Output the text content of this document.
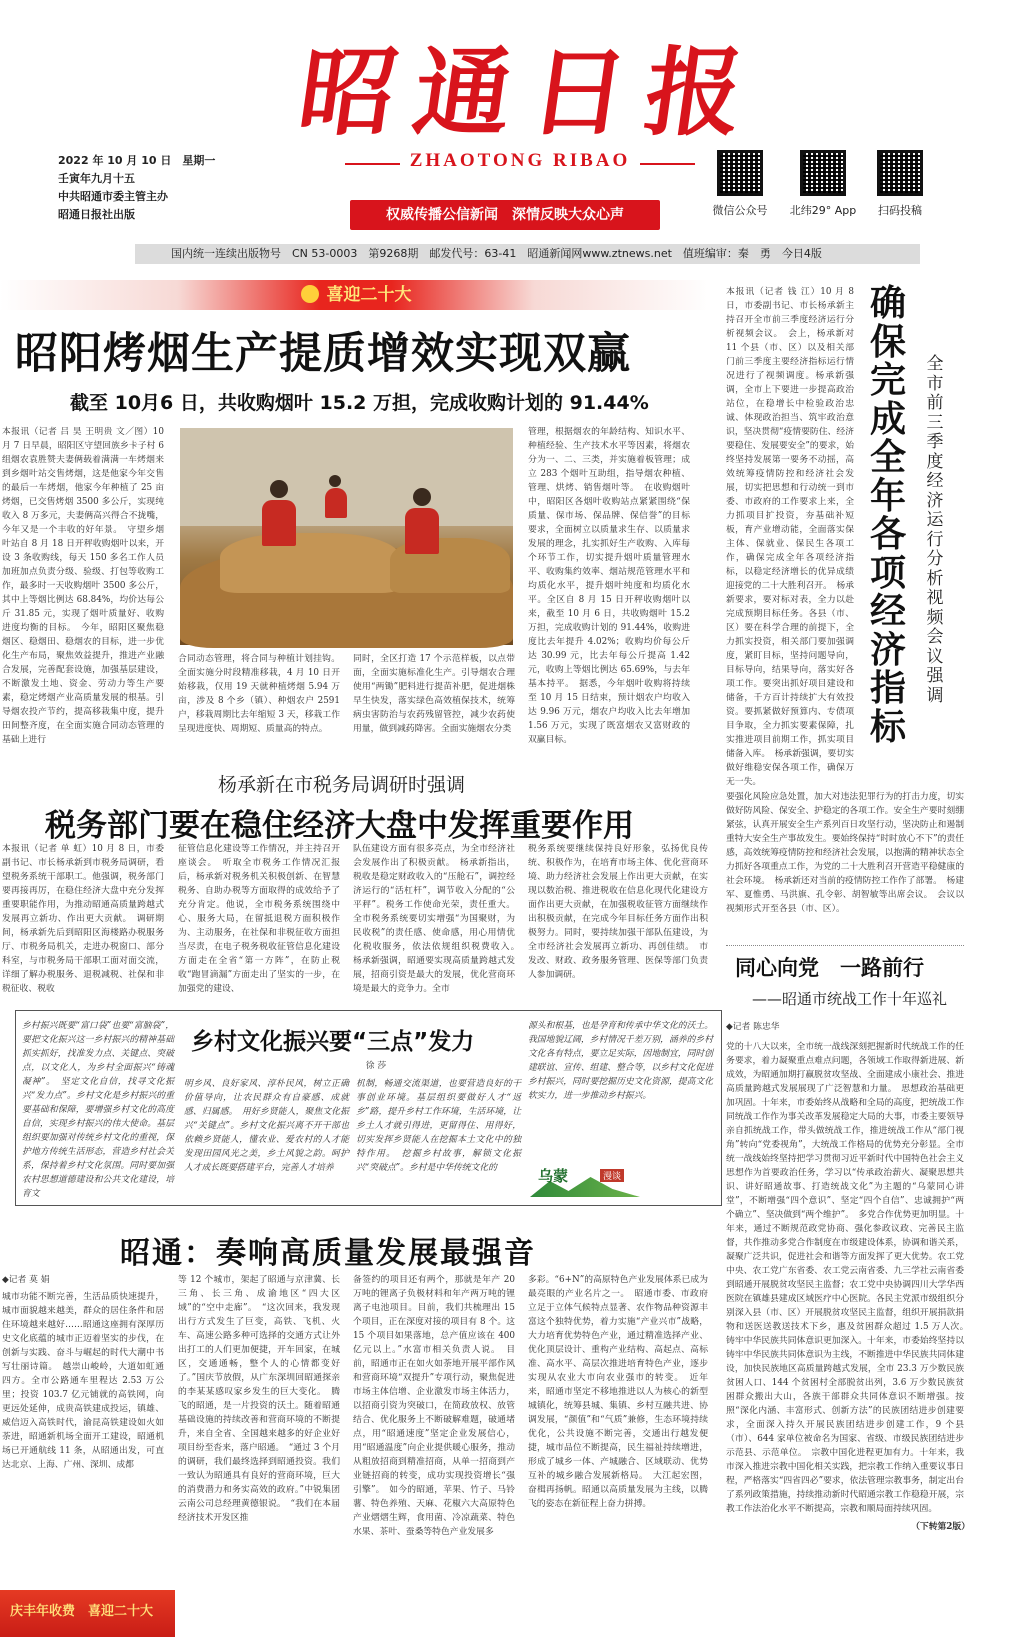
昭 通 日 报
ZHAOTONG RIBAO
权威传播公信新闻　深情反映大众心声
2022 年 10 月 10 日　星期一
壬寅年九月十五
中共昭通市委主管主办
昭通日报社出版	微信公众号 北纬29° App	扫码投稿
国内统一连续出版物号　CN 53-0003　第9268期　邮发代号：63-41　昭通新闻网www.ztnews.net　值班编审：秦　勇　今日4版
喜迎二十大
昭阳烤烟生产提质增效实现双赢
截至 10月6 日，共收购烟叶 15.2 万担，完成收购计划的 91.44%
本报讯（记者 吕 昊 王明贵 文／图）10 月 7 日早晨，昭阳区守望回族乡卡子村 6 组烟农袁胜赞夫妻俩载着满满一车烤烟来到乡烟叶站交售烤烟，这是他家今年交售的最后一车烤烟，他家今年种植了 25 亩烤烟，已交售烤烟 3500 多公斤，实现纯收入 8 万多元，夫妻俩高兴得合不拢嘴，今年又是一个丰收的好年景。　守望乡烟叶站自 8 月 18 日开秤收购烟叶以来，开设 3 条收购线，每天 150 多名工作人员加班加点负责分级、验级、打包等收购工作，最多时一天收购烟叶 3500 多公斤，其中上等烟比例达 68.84%，均价达每公斤 31.85 元，实现了烟叶质量好、收购进度均衡的目标。　今年，昭阳区聚焦稳烟区、稳烟田、稳烟农的目标，进一步优化生产布局，聚焦效益提升，推进产业融合发展，完善配套设施，加强基层建设，不断激发土地、资金、劳动力等生产要素，稳定烤烟产业高质量发展的根基。引导烟农投产节约，提高移栽集中度，提升田间整齐度，在全面实施合同动态管理的基础上进行
合同动态管理，将合同与种植计划挂钩。全面实施分时段精准移栽，4 月 10 日开始移栽，仅用 19 天就种植烤烟 5.94 万亩，涉及 8 个乡（镇）、种烟农户 2591 户，移栽周期比去年缩短 3 天，移栽工作呈现进度快、周期短、质量高的特点。
同时，全区打造 17 个示范样板，以点带面，全面实施标准化生产。引导烟农合理使用“两锄”肥料进行提苗补肥，促进烟株早生快发，落实绿色高效植保技术，统筹病虫害防治与农药残留管控，减少农药使用量，做到减药降害。全面实施烟农分类
管理，根据烟农的年龄结构、知识水平、种植经验、生产技术水平等因素，将烟农分为一、二、三类，并实施着板管理；成立 283 个烟叶互助组，指导烟农种植、管理、烘烤、销售烟叶等。　在收购烟叶中，昭阳区各烟叶收购站点紧紧围绕“保质量、保市场、保品牌、保信誉”的目标要求，全面树立以质量求生存、以质量求发展的理念，扎实抓好生产收购、入库每个环节工作，切实提升烟叶质量管理水平、收购集约效率、烟站规范管理水平和均质化水平，提升烟叶纯度和均质化水平。全区自 8 月 15 日开秤收购烟叶以来，截至 10 月 6 日，共收购烟叶 15.2 万担，完成收购计划的 91.44%，收购进度比去年提升 4.02%；收购均价每公斤达 30.99 元，比去年每公斤提高 1.42 元，收购上等烟比例达 65.69%，与去年基本持平。　据悉，今年烟叶收购将持续至 10 月 15 日结束，预计烟农户均收入达 9.96 万元，烟农户均收入比去年增加 1.56 万元，实现了既富烟农又富财政的双赢目标。
杨承新在市税务局调研时强调
税务部门要在稳住经济大盘中发挥重要作用
本报讯（记者 单 虹）10 月 8 日，市委副书记、市长杨承新到市税务局调研，看望税务系统干部职工。他强调，税务部门要再接再厉，在稳住经济大盘中充分发挥重要职能作用，为推动昭通高质量跨越式发展再立新功、作出更大贡献。　调研期间，杨承新先后到昭阳区海楼路办税服务厅、市税务局机关，走进办税窗口、部分科室，与市税务局干部职工面对面交流，详细了解办税服务、退税减税、社保和非税征收、税收
征管信息化建设等工作情况，并主持召开座谈会。　听取全市税务工作情况汇报后，杨承新对税务机关积极创新、在智慧税务、自助办税等方面取得的成效给予了充分肯定。他说，全市税务系统围绕中心、服务大局，在留抵退税方面积极作为、主动服务，在社保和非税征收方面担当尽责，在电子税务税收征管信息化建设方面走在全省“第一方阵”，在防止税收“跑冒滴漏”方面走出了坚实的一步，在加强党的建设、
队伍建设方面有很多亮点，为全市经济社会发展作出了积极贡献。　杨承新指出，税收是稳定财政收入的“压舱石”，调控经济运行的“活杠杆”，调节收入分配的“公平秤”。税务工作使命光荣，责任重大。全市税务系统要切实增强“为国聚财，为民收税”的责任感、使命感，用心用情优化税收服务，依法依规组织税费收入。　杨承新强调，昭通要实现高质量跨越式发展，招商引资是最大的发展，优化营商环境是最大的竞争力。全市
税务系统要继续保持良好形象，弘扬优良传统、积极作为，在培育市场主体、优化营商环境、助力经济社会发展上作出更大贡献，在实现以数治税、推进税收在信息化现代化建设方面作出更大贡献，在加强税收征管方面继续作出积极贡献，在完成今年目标任务方面作出积极努力。同时，要持续加强干部队伍建设，为全市经济社会发展再立新功、再创佳绩。　市发改、财政、政务服务管理、医保等部门负责人参加调研。
本报讯（记者 钱 江）10 月 8 日，市委副书记、市长杨承新主持召开全市前三季度经济运行分析视频会议。　会上，杨承新对 11 个县（市、区）以及相关部门前三季度主要经济指标运行情况进行了视频调度。杨承新强调，全市上下要进一步提高政治站位，在稳增长中检验政治忠诚、体现政治担当、筑牢政治意识，坚决贯彻“疫情要防住、经济要稳住、发展要安全”的要求，始终坚持发展第一要务不动摇，高效统筹疫情防控和经济社会发展，切实把思想和行动统一到市委、市政府的工作要求上来，全力抓项目扩投资，夯基础补短板，育产业增动能，全面落实保主体、保就业、保民生各项工作，确保完成全年各项经济指标，以稳定经济增长的优异成绩迎接党的二十大胜利召开。　杨承新要求，要对标对表，全力以赴完成预期目标任务。各县（市、区）要在科学合理的前提下，全力抓实投资，相关部门要加强调度，紧盯目标，坚持问题导向，目标导向，结果导向，落实好各项工作。要突出抓好项目建设和储备，千方百计持续扩大有效投资。要抓紧做好预算内、专债项目争取，全力抓实要素保障，扎实推进项目前期工作，抓实项目储备入库。　杨承新强调，要切实做好维稳安保各项工作，确保万无一失。
确保完成全年各项经济指标
全市前三季度经济运行分析视频会议强调
要强化风险应急处置，加大对违法犯罪行为的打击力度，切实做好防风险、保安全、护稳定的各项工作。安全生产要时刻绷紧弦，认真开展安全生产系列百日攻坚行动，坚决防止和遏制重特大安全生产事故发生。要始终保持“时时放心不下”的责任感，高效统筹疫情防控和经济社会发展，以抱满的精神状态全力抓好各项重点工作，为党的二十大胜利召开营造平稳健康的社会环境。　杨承新还对当前的疫情防控工作作了部署。　杨建军、夏惟勇、马洪旗、孔令彰、胡智敏等出席会议。　会议以视频形式开至各县（市、区）。
同心向党　一路前行
——昭通市统战工作十年巡礼
◆记者 陈忠华
党的十八大以来，全市统一战线深刻把握新时代统战工作的任务要求，着力凝聚重点难点问题，各领域工作取得新进展、新成效，为昭通加期打赢脱贫攻坚战、全面建成小康社会、推进高质量跨越式发展展现了广泛智慧和力量。　思想政治基础更加巩固。十年来，市委始终从战略和全局的高度，把统战工作同统战工作作为事关改革发展稳定大局的大事，市委主要领导亲自抓统战工作，带头做统战工作，推进统战工作从“部门视角”转向“党委视角”，大统战工作格局的优势充分彰显。全市统一战线始终坚持把学习贯彻习近平新时代中国特色社会主义思想作为首要政治任务，学习以“传承政治薪火、凝聚思想共识、讲好昭通故事、打造统战文化”为主题的“乌蒙同心讲堂”，不断增强“四个意识”、坚定“四个自信”、忠诚拥护“两个确立”、坚决做到“两个维护”。　多党合作优势更加明显。十年来，通过不断规范政党协商、强化参政议政、完善民主监督，共作推动多党合作制度在市级建设体系，协调和谐关系，凝聚广泛共识，促进社会和谐等方面发挥了更大优势。农工党中央、农工党广东省委、农工党云南省委、九三学社云南省委到昭通开展脱贫攻坚民主监督；农工党中央协调四川大学华西医院在镇雄县建成区域医疗中心医院。各民主党派市级组织分别深入县（市、区）开展脱贫攻坚民主监督，组织开展捐款捐物和送医送教送技术下乡，惠及贫困群众超过 1.5 万人次。　铸牢中华民族共同体意识更加深入。十年来，市委始终坚持以铸牢中华民族共同体意识为主线，不断推进中华民族共同体建设，加快民族地区高质量跨越式发展，全市 23.3 万少数民族贫困人口、144 个贫困村全部脱贫出列，3.6 万少数民族贫困群众搬出大山，各族干部群众共同体意识不断增强。按照“深化内涵、丰富形式、创新方法”的民族团结进步创建要求，全面深入持久开展民族团结进步创建工作，9 个县（市）、644 家单位被命名为国家、省级、市级民族团结进步示范县、示范单位。　宗教中国化进程更加有力。十年来，我市深入推进宗教中国化相关实践，把宗教工作纳入重要议事日程，严格落实“四省四必”要求，依法管理宗教事务，制定出台了系列政策措施，持续推动新时代昭通宗教工作稳稳开展，宗教工作法治化水平不断提高，宗教和顺局面持续巩固。
（下转第2版）
乡村文化振兴要“三点”发力
徐 莎
乡村振兴既要“富口袋”也要“富脑袋”，要把文化振兴这一乡村振兴的精神基础抓实抓好，找准发力点、关键点、突破点，以文化人，为乡村全面振兴“铸魂凝神”。　坚定文化自信，找寻文化振兴“发力点”。乡村文化是乡村振兴的重要基础和保障，要增强乡村文化的高度自信，实现乡村振兴的伟大使命。基层组织要加强对传统乡村文化的重视，保护地方传统生活形态，营造乡村社会关系，保持着乡村文化氛围。同时要加强农村思想道德建设和公共文化建设，培育文
明乡风、良好家风、淳朴民风，树立正确价值导向，让农民群众有自豪感、成就感、归属感。　用好乡贤能人，聚焦文化振兴“关键点”。乡村文化振兴离不开干部也依赖乡贤能人，懂农业、爱农村的人才能发现田园风光之美，乡土风貌之韵。呵护人才成长既要搭建平台，完善人才培养
机制，畅通交流渠道，也要营造良好的干事创业环境。基层组织要做好人才“返乡”路，提升乡村工作环境，生活环境，让乡土人才就引得进，更留得住、用得好，切实发挥乡贤能人在挖掘本土文化中的独特作用。　挖掘乡村故事，解锁文化振兴“突破点”。乡村是中华传统文化的
源头和根基，也是孕育和传承中华文化的沃土。我国地貌辽阔，乡村情况千差万别，涵养的乡村文化各有特点，要立足实际，因地制宜，同时创建联谊、宣传、组建、整合等，以乡村文化促进乡村振兴，同时要挖掘历史文化资源，提高文化软实力，进一步推动乡村振兴。
乌蒙	漫谈
昭通：奏响高质量发展最强音
◆记者 莫 娟
城市功能不断完善，生活品质快速提升，城市面貌越来越美，群众的居住条件和居住环境越来越好……昭通这座拥有深厚历史文化底蕴的城市正迈着坚实的步伐，在创新与实践、奋斗与崛起的时代大潮中书写壮丽诗篇。　越崇山峻岭，大道如虹通四方。全市公路通车里程达 2.53 万公里；投资 103.7 亿元铺就的高铁网，向更远处延伸，成贵高铁建成投运，镇雄、威信迈入高铁时代，渝昆高铁建设如火如荼进，昭通新机场全面开工建设，昭通机场已开通航线 11 条，从昭通出发，可直达北京、上海、广州、深圳、成都
等 12 个城市，架起了昭通与京津冀、长三角、长三角、成渝地区“四大区域”的“空中走廊”。　“这次回来，我发现出行方式发生了巨变，高铁、飞机、火车、高速公路多种可选择的交通方式让外出打工的人们更加便捷，开车回家，在城区，交通通畅，整个人的心情都变好了。”国庆节放假，从广东深圳回昭通探亲的李某某感叹家乡发生的巨大变化。　腾飞的昭通，是一片投资的沃土。随着昭通基础设施的持续改善和营商环境的不断提升，来自全省、全国越来越多的好企业好项目纷至沓来，落户昭通。　“通过 3 个月的调研，我们最终选择到昭通投资。我们一致认为昭通具有良好的营商环境，巨大的消费潜力和务实高效的政府。”中锐集团云南公司总经理黄德银说。　“我们在本届经济技术开发区推
备签约的项目还有两个，那就是年产 20 万吨的锂离子负极材料和年产两万吨的锂离子电池项目。目前，我们共梳理出 15 个项目，正在深度对接的项目有 8 个。这 15 个项目如果落地，总产值应该在 400 亿元以上。”水富市相关负责人说。　目前，昭通市正在如火如荼地开展平部作风和营商环境“双提升”专项行动，聚焦促进市场主体信增、企业激发市场主体活力，以招商引资为突破口，在简政放权、放管结合、优化服务上不断破解难题，破通堵点，用“昭通速度”坚定企业发展信心，用“昭通温度”向企业提供暖心服务，推动从粗放招商到精准招商，从单一招商到产业链招商的转变，成功实现投资增长“强引擎”。　如今的昭通，苹果、竹子、马铃薯、特色养殖、天麻、花椒六大高原特色产业熠熠生辉，食用菌、冷凉蔬菜、特色水果、茶叶、蚕桑等特色产业发展多
多彩。“6+N”的高原特色产业发展体系已成为最亮眼的产业名片之一。　昭通市委、市政府立足于立体气候特点显著、农作物品种资源丰富这个独特优势，着力实施“产业兴市”战略，大力培育优势特色产业，通过精准选择产业、优化顶层设计、重构产业结构、高起点、高标准、高水平、高层次推进培育特色产业，逐步实现从农业大市向农业强市的转变。　近年来，昭通市坚定不移地推进以人为核心的新型城镇化，统筹县城、集镇、乡村互融共进、协调发展，“颜值”和“气质”兼修，生态环境持续优化，公共设施不断完善，交通出行越发便捷，城市品位不断提高，民生福祉持续增进，形成了城乡一体、产城融合、区域联动、优势互补的城乡融合发展新格局。　大江起宏图，奋楫再扬帆。昭通以高质量发展为主线，以腾飞的姿态在新征程上奋力拼搏。
庆丰年收费　喜迎二十大
